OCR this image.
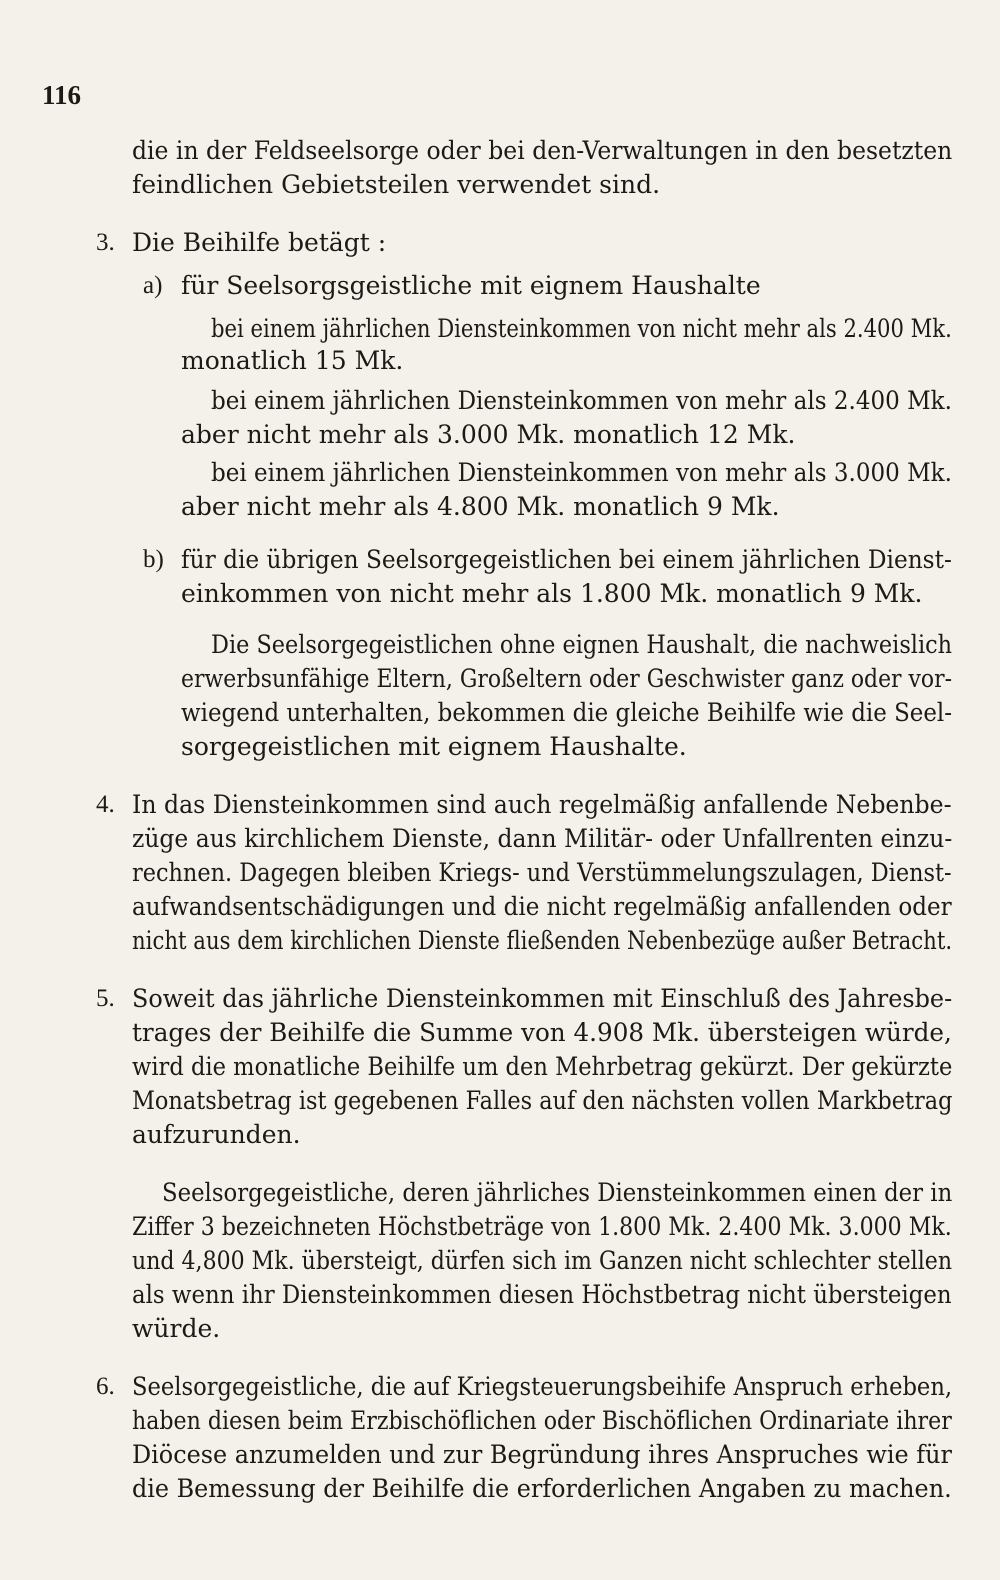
116
die in der Feldseelsorge oder bei den-Verwaltungen in den besetzten
feindlichen Gebietsteilen verwendet sind.
3. Die Beihilfe betägt :
a) für Seelsorgsgeistliche mit eignem Haushalte
bei einem jährlichen Diensteinkommen von nicht mehr als 2.400 Mk.
monatlich 15 Mk.
bei einem jährlichen Diensteinkommen von mehr als 2.400 Mk.
aber nicht mehr als 3.000 Mk. monatlich 12 Mk.
bei einem jährlichen Diensteinkommen von mehr als 3.000 Mk.
aber nicht mehr als 4.800 Mk. monatlich 9 Mk.
b) für die übrigen Seelsorgegeistlichen bei einem jährlichen Dienst-
einkommen von nicht mehr als 1.800 Mk. monatlich 9 Mk.
Die Seelsorgegeistlichen ohne eignen Haushalt, die nachweislich
erwerbsunfähige Eltern, Großeltern oder Geschwister ganz oder vor-
wiegend unterhalten, bekommen die gleiche Beihilfe wie die Seel-
sorgegeistlichen mit eignem Haushalte.
4. In das Diensteinkommen sind auch regelmäßig anfallende Nebenbe-
züge aus kirchlichem Dienste, dann Militär- oder Unfallrenten einzu-
rechnen. Dagegen bleiben Kriegs- und Verstümmelungszulagen, Dienst-
aufwandsentschädigungen und die nicht regelmäßig anfallenden oder
nicht aus dem kirchlichen Dienste fließenden Nebenbezüge außer Betracht.
5. Soweit das jährliche Diensteinkommen mit Einschluß des Jahresbe-
trages der Beihilfe die Summe von 4.908 Mk. übersteigen würde,
wird die monatliche Beihilfe um den Mehrbetrag gekürzt. Der gekürzte
Monatsbetrag ist gegebenen Falles auf den nächsten vollen Markbetrag
aufzurunden.
Seelsorgegeistliche, deren jährliches Diensteinkommen einen der in
Ziffer 3 bezeichneten Höchstbeträge von 1.800 Mk. 2.400 Mk. 3.000 Mk.
und 4,800 Mk. übersteigt, dürfen sich im Ganzen nicht schlechter stellen
als wenn ihr Diensteinkommen diesen Höchstbetrag nicht übersteigen
würde.
6. Seelsorgegeistliche, die auf Kriegsteuerungsbeihife Anspruch erheben,
haben diesen beim Erzbischöflichen oder Bischöflichen Ordinariate ihrer
Diöcese anzumelden und zur Begründung ihres Anspruches wie für
die Bemessung der Beihilfe die erforderlichen Angaben zu machen.
